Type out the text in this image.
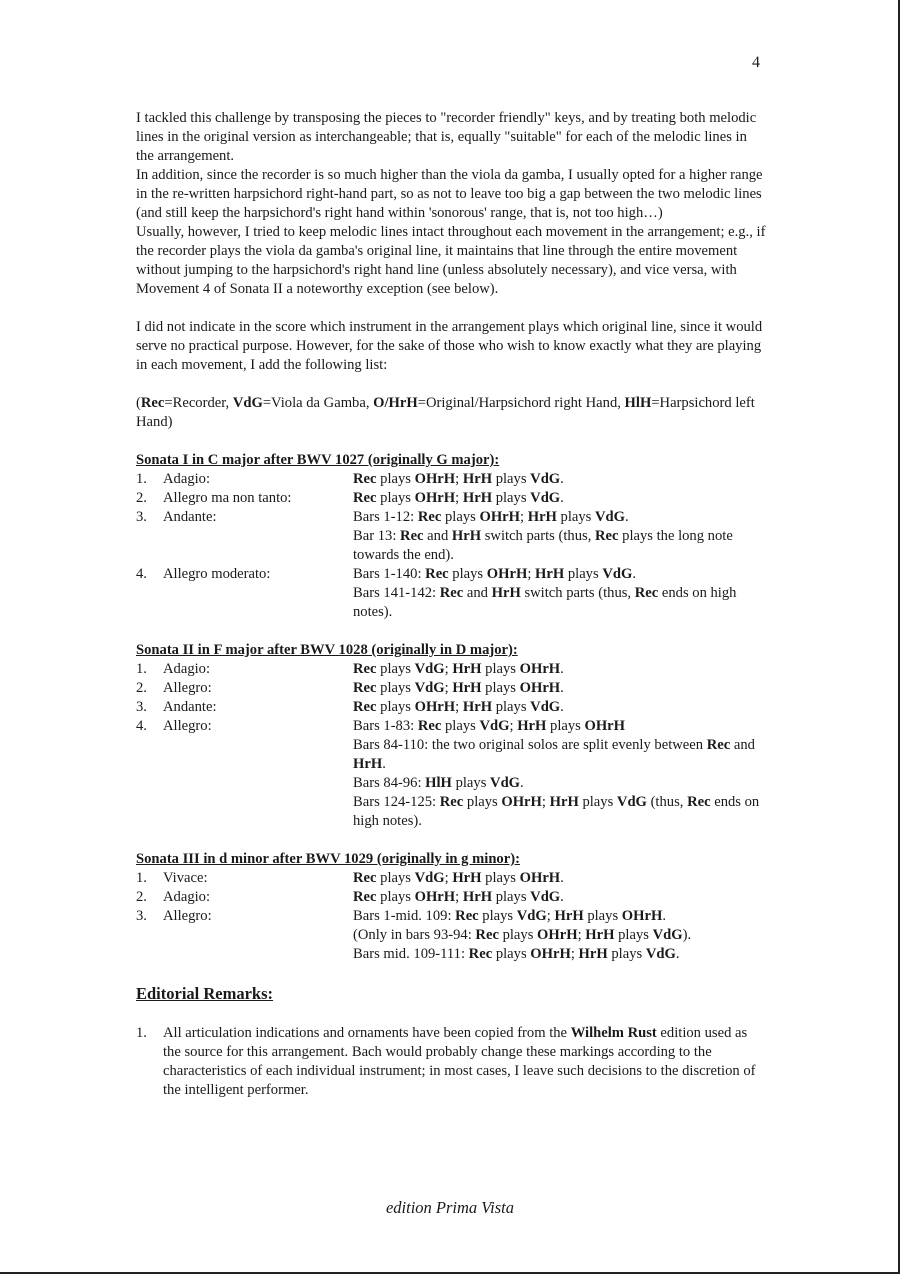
4

I tackled this challenge by transposing the pieces to "recorder friendly" keys, and by treating both melodic lines in the original version as interchangeable; that is, equally "suitable" for each of the melodic lines in the arrangement.

In addition, since the recorder is so much higher than the viola da gamba, I usually opted for a higher range in the re-written harpsichord right-hand part, so as not to leave too big a gap between the two melodic lines (and still keep the harpsichord's right hand within 'sonorous' range, that is, not too high…)

Usually, however, I tried to keep melodic lines intact throughout each movement in the arrangement; e.g., if the recorder plays the viola da gamba's original line, it maintains that line through the entire movement without jumping to the harpsichord's right hand line (unless absolutely necessary), and vice versa, with Movement 4 of Sonata II a noteworthy exception (see below).

I did not indicate in the score which instrument in the arrangement plays which original line, since it would serve no practical purpose. However, for the sake of those who wish to know exactly what they are playing in each movement, I add the following list:

(Rec=Recorder, VdG=Viola da Gamba, O/HrH=Original/Harpsichord right Hand, HlH=Harpsichord left Hand)

Sonata I in C major after BWV 1027 (originally G major):

1.	Adagio:	Rec plays OHrH; HrH plays VdG.

2.	Allegro ma non tanto:	Rec plays OHrH; HrH plays VdG.

3.	Andante:	Bars 1-12: Rec plays OHrH; HrH plays VdG.

Bar 13: Rec and HrH switch parts (thus, Rec plays the long note towards the end).

4.	Allegro moderato:	Bars 1-140: Rec plays OHrH; HrH plays VdG.

Bars 141-142: Rec and HrH switch parts (thus, Rec ends on high notes).

Sonata II in F major after BWV 1028 (originally in D major):

1.	Adagio:	Rec plays VdG; HrH plays OHrH.

2.	Allegro:	Rec plays VdG; HrH plays OHrH.

3.	Andante:	Rec plays OHrH; HrH plays VdG.

4.	Allegro:	Bars 1-83: Rec plays VdG; HrH plays OHrH

Bars 84-110: the two original solos are split evenly between Rec and HrH.

Bars 84-96: HlH plays VdG.

Bars 124-125: Rec plays OHrH; HrH plays VdG (thus, Rec ends on high notes).

Sonata III in d minor after BWV 1029 (originally in g minor):

1.	Vivace:	Rec plays VdG; HrH plays OHrH.

2.	Adagio:	Rec plays OHrH; HrH plays VdG.

3.	Allegro:	Bars 1-mid. 109: Rec plays VdG; HrH plays OHrH.

(Only in bars 93-94: Rec plays OHrH; HrH plays VdG).

Bars mid. 109-111: Rec plays OHrH; HrH plays VdG.

Editorial Remarks:

1.	All articulation indications and ornaments have been copied from the Wilhelm Rust edition used as the source for this arrangement. Bach would probably change these markings according to the characteristics of each individual instrument; in most cases, I leave such decisions to the discretion of the intelligent performer.
edition Prima Vista
